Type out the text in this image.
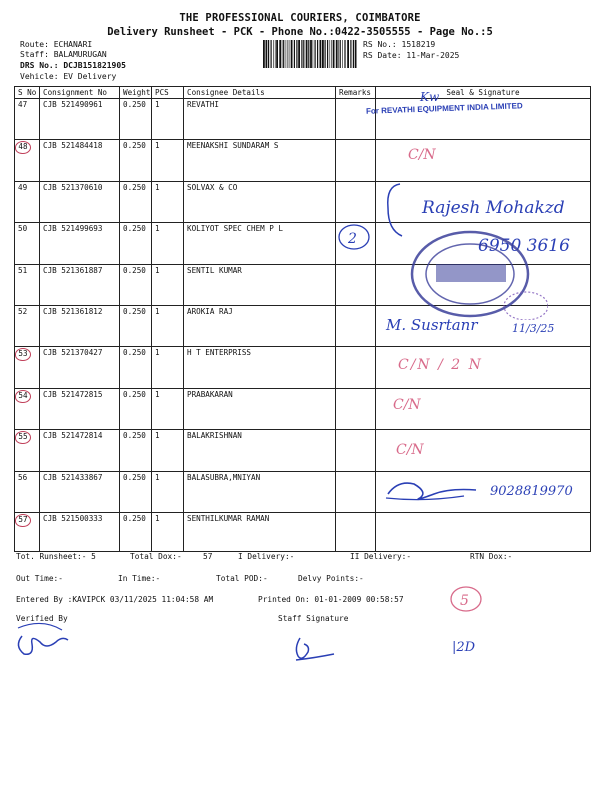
THE PROFESSIONAL COURIERS, COIMBATORE
Delivery Runsheet - PCK - Phone No.:0422-3505555 - Page No.:5
Route: ECHANARI
Staff: BALAMURUGAN
DRS No.: DCJB151821905
Vehicle: EV Delivery
RS No.: 1518219
RS Date: 11-Mar-2025
S No	Consignment No	Weight	PCS	Consignee Details	Remarks	Seal & Signature
47	CJB 521490961	0.250	1	REVATHI		
48	CJB 521484418	0.250	1	MEENAKSHI SUNDARAM S		
49	CJB 521370610	0.250	1	SOLVAX & CO		
50	CJB 521499693	0.250	1	KOLIYOT SPEC CHEM P L		
51	CJB 521361887	0.250	1	SENTIL KUMAR		
52	CJB 521361812	0.250	1	AROKIA RAJ		
53	CJB 521370427	0.250	1	H T ENTERPRISS		
54	CJB 521472815	0.250	1	PRABAKARAN		
55	CJB 521472814	0.250	1	BALAKRISHNAN		
56	CJB 521433867	0.250	1	BALASUBRA,MNIYAN		
57	CJB 521500333	0.250	1	SENTHILKUMAR RAMAN		
Kw
For REVATHI EQUIPMENT INDIA LIMITED
C/N
Rajesh Mohakzd
2	6950 3616
M. Susrtanr	11/3/25
C/N / 2 N
C/N
C/N
9028819970
Tot. Runsheet:- 5	Total Dox:-	57	I Delivery:-	II Delivery:-	RTN Dox:-
Out Time:-	In Time:-	Total POD:-	Delvy Points:-
Entered By :KAVIPCK 03/11/2025 11:04:58 AM	Printed On: 01-01-2009 00:58:57	5
Verified By	Staff Signature
|2D
